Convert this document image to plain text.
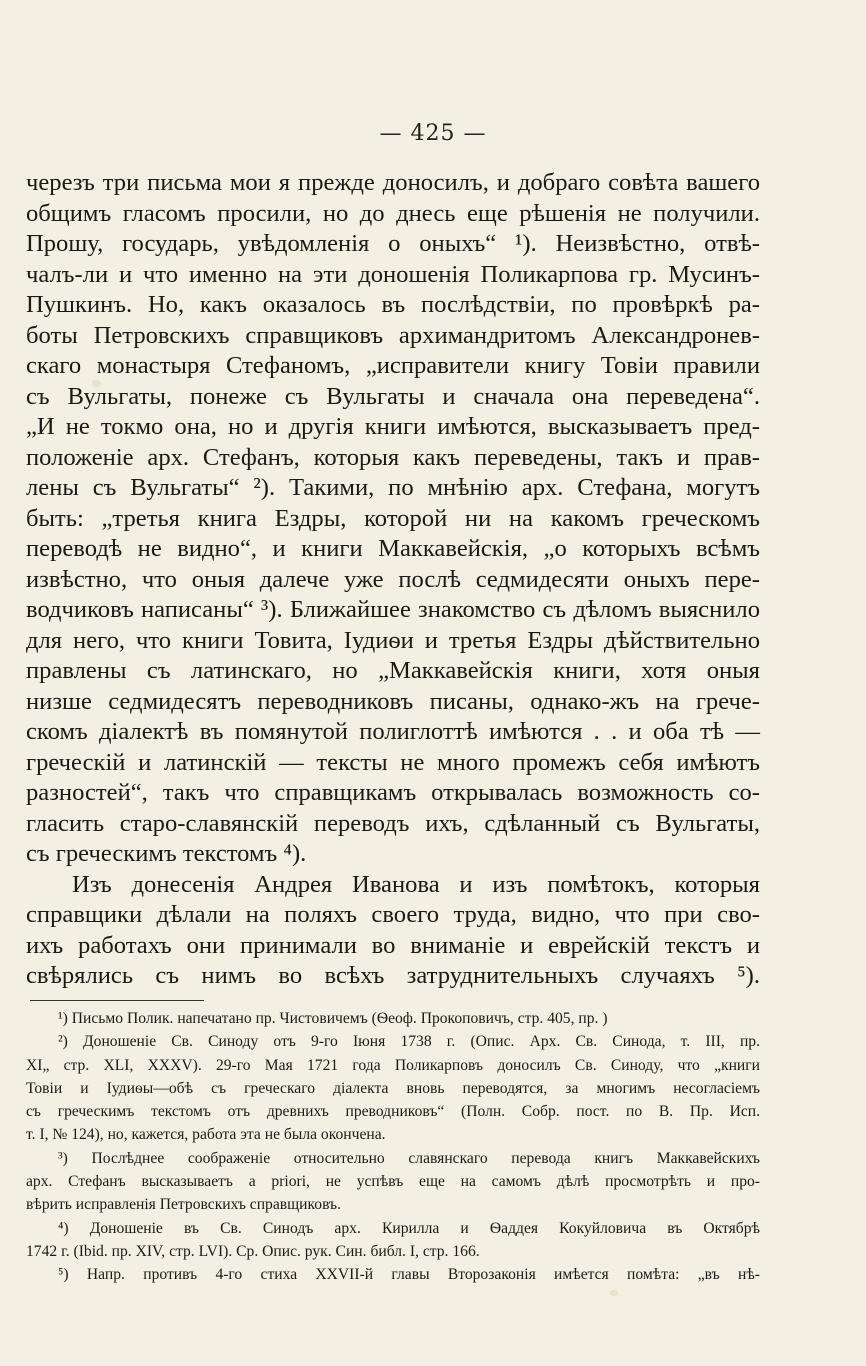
— 425 —
черезъ три письма мои я прежде доносилъ, и добраго совѣта вашего
общимъ гласомъ просили, но до днесь еще рѣшенія не получили.
Прошу, государь, увѣдомленія о оныхъ“ ¹). Неизвѣстно, отвѣ-
чалъ-ли и что именно на эти доношенія Поликарпова гр. Мусинъ-
Пушкинъ. Но, какъ оказалось въ послѣдствіи, по провѣркѣ ра-
боты Петровскихъ справщиковъ архимандритомъ Александронев-
скаго монастыря Стефаномъ, „исправители книгу Товіи правили
съ Вульгаты, понеже съ Вульгаты и сначала она переведена“.
„И не токмо она, но и другія книги имѣются, высказываетъ пред-
положеніе арх. Стефанъ, которыя какъ переведены, такъ и прав-
лены съ Вульгаты“ ²). Такими, по мнѣнію арх. Стефана, могутъ
быть: „третья книга Ездры, которой ни на какомъ греческомъ
переводѣ не видно“, и книги Маккавейскія, „о которыхъ всѣмъ
извѣстно, что оныя далече уже послѣ седмидесяти оныхъ пере-
водчиковъ написаны“ ³). Ближайшее знакомство съ дѣломъ выяснило
для него, что книги Товита, Іудиѳи и третья Ездры дѣйствительно
правлены съ латинскаго, но „Маккавейскія книги, хотя оныя
низше седмидесятъ переводниковъ писаны, однако-жъ на грече-
скомъ діалектѣ въ помянутой полиглоттѣ имѣются . . и оба тѣ —
греческій и латинскій — тексты не много промежъ себя имѣютъ
разностей“, такъ что справщикамъ открывалась возможность со-
гласить старо-славянскій переводъ ихъ, сдѣланный съ Вульгаты,
съ греческимъ текстомъ ⁴).
Изъ донесенія Андрея Иванова и изъ помѣтокъ, которыя
справщики дѣлали на поляхъ своего труда, видно, что при сво-
ихъ работахъ они принимали во вниманіе и еврейскій текстъ и
свѣрялись съ нимъ во всѣхъ затруднительныхъ случаяхъ ⁵).
¹) Письмо Полик. напечатано пр. Чистовичемъ (Ѳеоф. Прокоповичъ, стр. 405, пр. )
²) Доношеніе Св. Синоду отъ 9-го Іюня 1738 г. (Опис. Арх. Св. Синода, т. III, пр.
XI„ стр. XLI, XXXV). 29-го Мая 1721 года Поликарповъ доносилъ Св. Синоду, что „книги
Товіи и Іудиѳы—обѣ съ греческаго діалекта вновь переводятся, за многимъ несогласіемъ
съ греческимъ текстомъ отъ древнихъ преводниковъ“ (Полн. Собр. пост. по В. Пр. Исп.
т. I, № 124), но, кажется, работа эта не была окончена.
³) Послѣднее соображеніе относительно славянскаго перевода книгъ Маккавейскихъ
арх. Стефанъ высказываетъ a priori, не успѣвъ еще на самомъ дѣлѣ просмотрѣть и про-
вѣрить исправленія Петровскихъ справщиковъ.
⁴) Доношеніе въ Св. Синодъ арх. Кирилла и Ѳаддея Кокуйловича въ Октябрѣ
1742 г. (Ibid. пр. XIV, стр. LVI). Ср. Опис. рук. Син. библ. I, стр. 166.
⁵) Напр. противъ 4-го стиха XXVII-й главы Второзаконія имѣется помѣта: „въ нѣ-
